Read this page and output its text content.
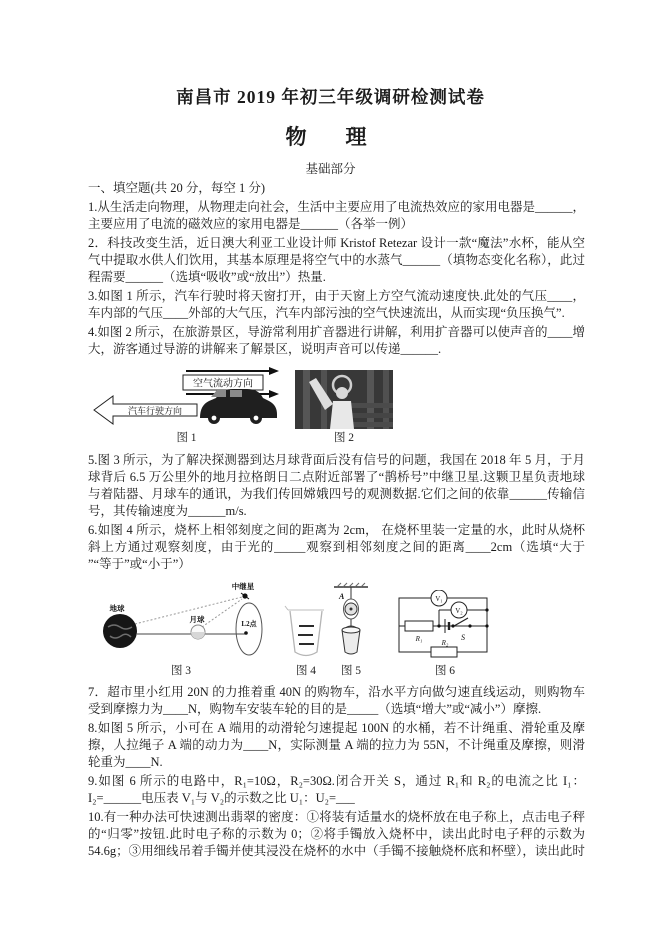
南昌市 2019 年初三年级调研检测试卷
物　理
基础部分

一、填空题(共 20 分，每空 1 分)

1.从生活走向物理，从物理走向社会，生活中主要应用了电流热效应的家用电器是______，主要应用了电流的磁效应的家用电器是______（各举一例）

2．科技改变生活，近日澳大利亚工业设计师 Kristof Retezar 设计一款“魔法”水杯，能从空气中提取水供人们饮用，其基本原理是将空气中的水蒸气______（填物态变化名称），此过程需要______（选填“吸收”或“放出”）热量.

3.如图 1 所示，汽车行驶时将天窗打开，由于天窗上方空气流动速度快.此处的气压____，车内部的气压____外部的大气压，汽车内部污浊的空气快速流出，从而实现“负压换气”.

4.如图 2 所示，在旅游景区，导游常利用扩音器进行讲解，利用扩音器可以使声音的____增大，游客通过导游的讲解来了解景区，说明声音可以传递______.

空气流动方向
汽车行驶方向
图 1	图 2

5.图 3 所示，为了解决探测器到达月球背面后没有信号的问题，我国在 2018 年 5 月，于月球背后 6.5 万公里外的地月拉格朗日二点附近部署了“鹊桥号”中继卫星.这颗卫星负责地球与着陆器、月球车的通讯，为我们传回嫦娥四号的观测数据.它们之间的依靠______传输信号，其传输速度为______m/s.

6.如图 4 所示，烧杯上相邻刻度之间的距离为 2cm， 在烧杯里装一定量的水，此时从烧杯斜上方通过观察刻度，由于光的_____观察到相邻刻度之间的距离____2cm（选填“大于 ”“等于”或“小于”）

中继星
地球
月球	L2点
图 3	图 4
A
图 5
V₁
R₁	S
V₂
R₂
图 6

7．超市里小红用 20N 的力推着重 40N 的购物车，沿水平方向做匀速直线运动，则购物车受到摩擦力为____N，购物车安装车轮的目的是_____（选填“增大”或“减小”）摩擦.

8.如图 5 所示，小可在 A 端用的动滑轮匀速提起 100N 的水桶，若不计绳重、滑轮重及摩擦，人拉绳子 A 端的动力为____N，实际测量 A 端的拉力为 55N，不计绳重及摩擦，则滑轮重为____N.

9.如图 6 所示的电路中，R₁=10Ω，R₂=30Ω.闭合开关 S，通过 R₁和 R₂的电流之比 I₁：I₂=______电压表 V₁与 V₂的示数之比 U₁：U₂=___

10.有一种办法可快速测出翡翠的密度：①将装有适量水的烧杯放在电子称上，点击电子秤的“归零”按钮.此时电子称的示数为 0；②将手镯放入烧杯中，读出此时电子秤的示数为 54.6g；③用细线吊着手镯并使其浸没在烧杯的水中（手镯不接触烧杯底和杯壁），读出此时
